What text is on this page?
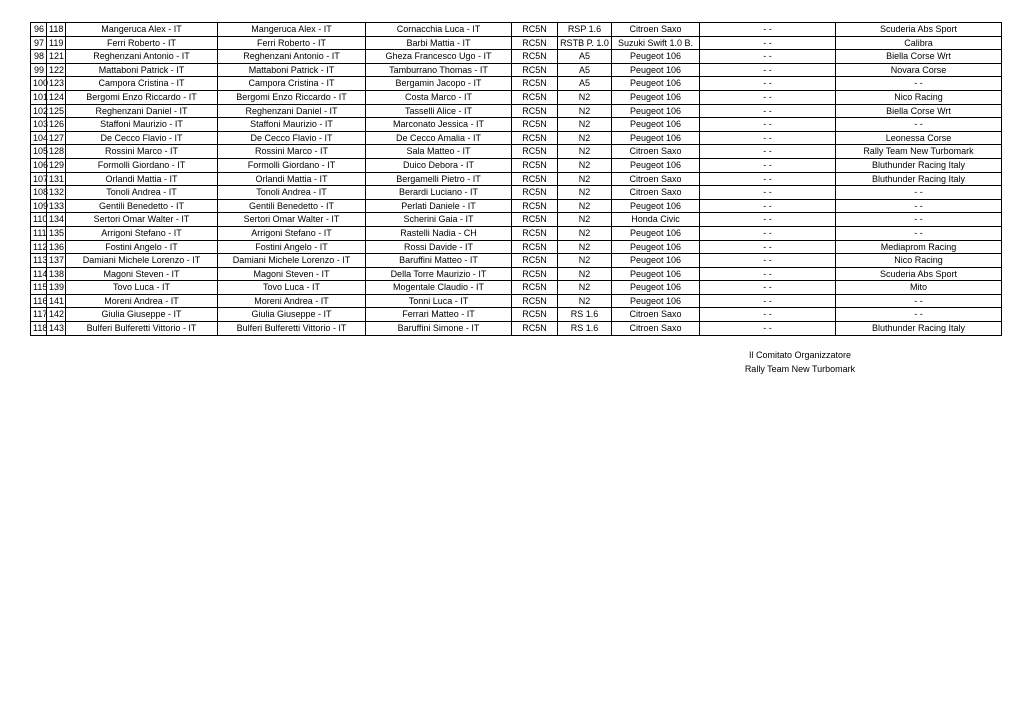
96	118	Mangeruca Alex - IT	Mangeruca Alex - IT	Cornacchia Luca - IT	RC5N	RSP 1.6	Citroen Saxo	- -	Scuderia Abs Sport
97	119	Ferri Roberto - IT	Ferri Roberto - IT	Barbi Mattia - IT	RC5N	RSTB P. 1.0	Suzuki Swift 1.0 B.	- -	Calibra
98	121	Reghenzani Antonio - IT	Reghenzani Antonio - IT	Gheza Francesco Ugo - IT	RC5N	A5	Peugeot 106	- -	Biella Corse Wrt
99	122	Mattaboni Patrick - IT	Mattaboni Patrick - IT	Tamburrano Thomas - IT	RC5N	A5	Peugeot 106	- -	Novara Corse
100	123	Campora Cristina - IT	Campora Cristina - IT	Bergamin Jacopo - IT	RC5N	A5	Peugeot 106	- -	- -
101	124	Bergomi Enzo Riccardo - IT	Bergomi Enzo Riccardo - IT	Costa Marco - IT	RC5N	N2	Peugeot 106	- -	Nico Racing
102	125	Reghenzani Daniel - IT	Reghenzani Daniel - IT	Tasselli Alice - IT	RC5N	N2	Peugeot 106	- -	Biella Corse Wrt
103	126	Staffoni Maurizio - IT	Staffoni Maurizio - IT	Marconato Jessica - IT	RC5N	N2	Peugeot 106	- -	- -
104	127	De Cecco Flavio - IT	De Cecco Flavio - IT	De Cecco Amalia - IT	RC5N	N2	Peugeot 106	- -	Leonessa Corse
105	128	Rossini Marco - IT	Rossini Marco - IT	Sala Matteo - IT	RC5N	N2	Citroen Saxo	- -	Rally Team New Turbomark
106	129	Formolli Giordano - IT	Formolli Giordano - IT	Duico Debora - IT	RC5N	N2	Peugeot 106	- -	Bluthunder Racing Italy
107	131	Orlandi Mattia - IT	Orlandi Mattia - IT	Bergamelli Pietro - IT	RC5N	N2	Citroen Saxo	- -	Bluthunder Racing Italy
108	132	Tonoli Andrea - IT	Tonoli Andrea - IT	Berardi Luciano - IT	RC5N	N2	Citroen Saxo	- -	- -
109	133	Gentili Benedetto - IT	Gentili Benedetto - IT	Perlati Daniele - IT	RC5N	N2	Peugeot 106	- -	- -
110	134	Sertori Omar Walter - IT	Sertori Omar Walter - IT	Scherini Gaia - IT	RC5N	N2	Honda Civic	- -	- -
111	135	Arrigoni Stefano - IT	Arrigoni Stefano - IT	Rastelli Nadia - CH	RC5N	N2	Peugeot 106	- -	- -
112	136	Fostini Angelo - IT	Fostini Angelo - IT	Rossi Davide - IT	RC5N	N2	Peugeot 106	- -	Mediaprom Racing
113	137	Damiani Michele Lorenzo - IT	Damiani Michele Lorenzo - IT	Baruffini Matteo - IT	RC5N	N2	Peugeot 106	- -	Nico Racing
114	138	Magoni Steven - IT	Magoni Steven - IT	Della Torre Maurizio - IT	RC5N	N2	Peugeot 106	- -	Scuderia Abs Sport
115	139	Tovo Luca - IT	Tovo Luca - IT	Mogentale Claudio - IT	RC5N	N2	Peugeot 106	- -	Mito
116	141	Moreni Andrea - IT	Moreni Andrea - IT	Tonni Luca - IT	RC5N	N2	Peugeot 106	- -	- -
117	142	Giulia Giuseppe - IT	Giulia Giuseppe - IT	Ferrari Matteo - IT	RC5N	RS 1.6	Citroen Saxo	- -	- -
118	143	Bulferi Bulferetti Vittorio - IT	Bulferi Bulferetti Vittorio - IT	Baruffini Simone - IT	RC5N	RS 1.6	Citroen Saxo	- -	Bluthunder Racing Italy
Il Comitato Organizzatore
Rally Team New Turbomark
